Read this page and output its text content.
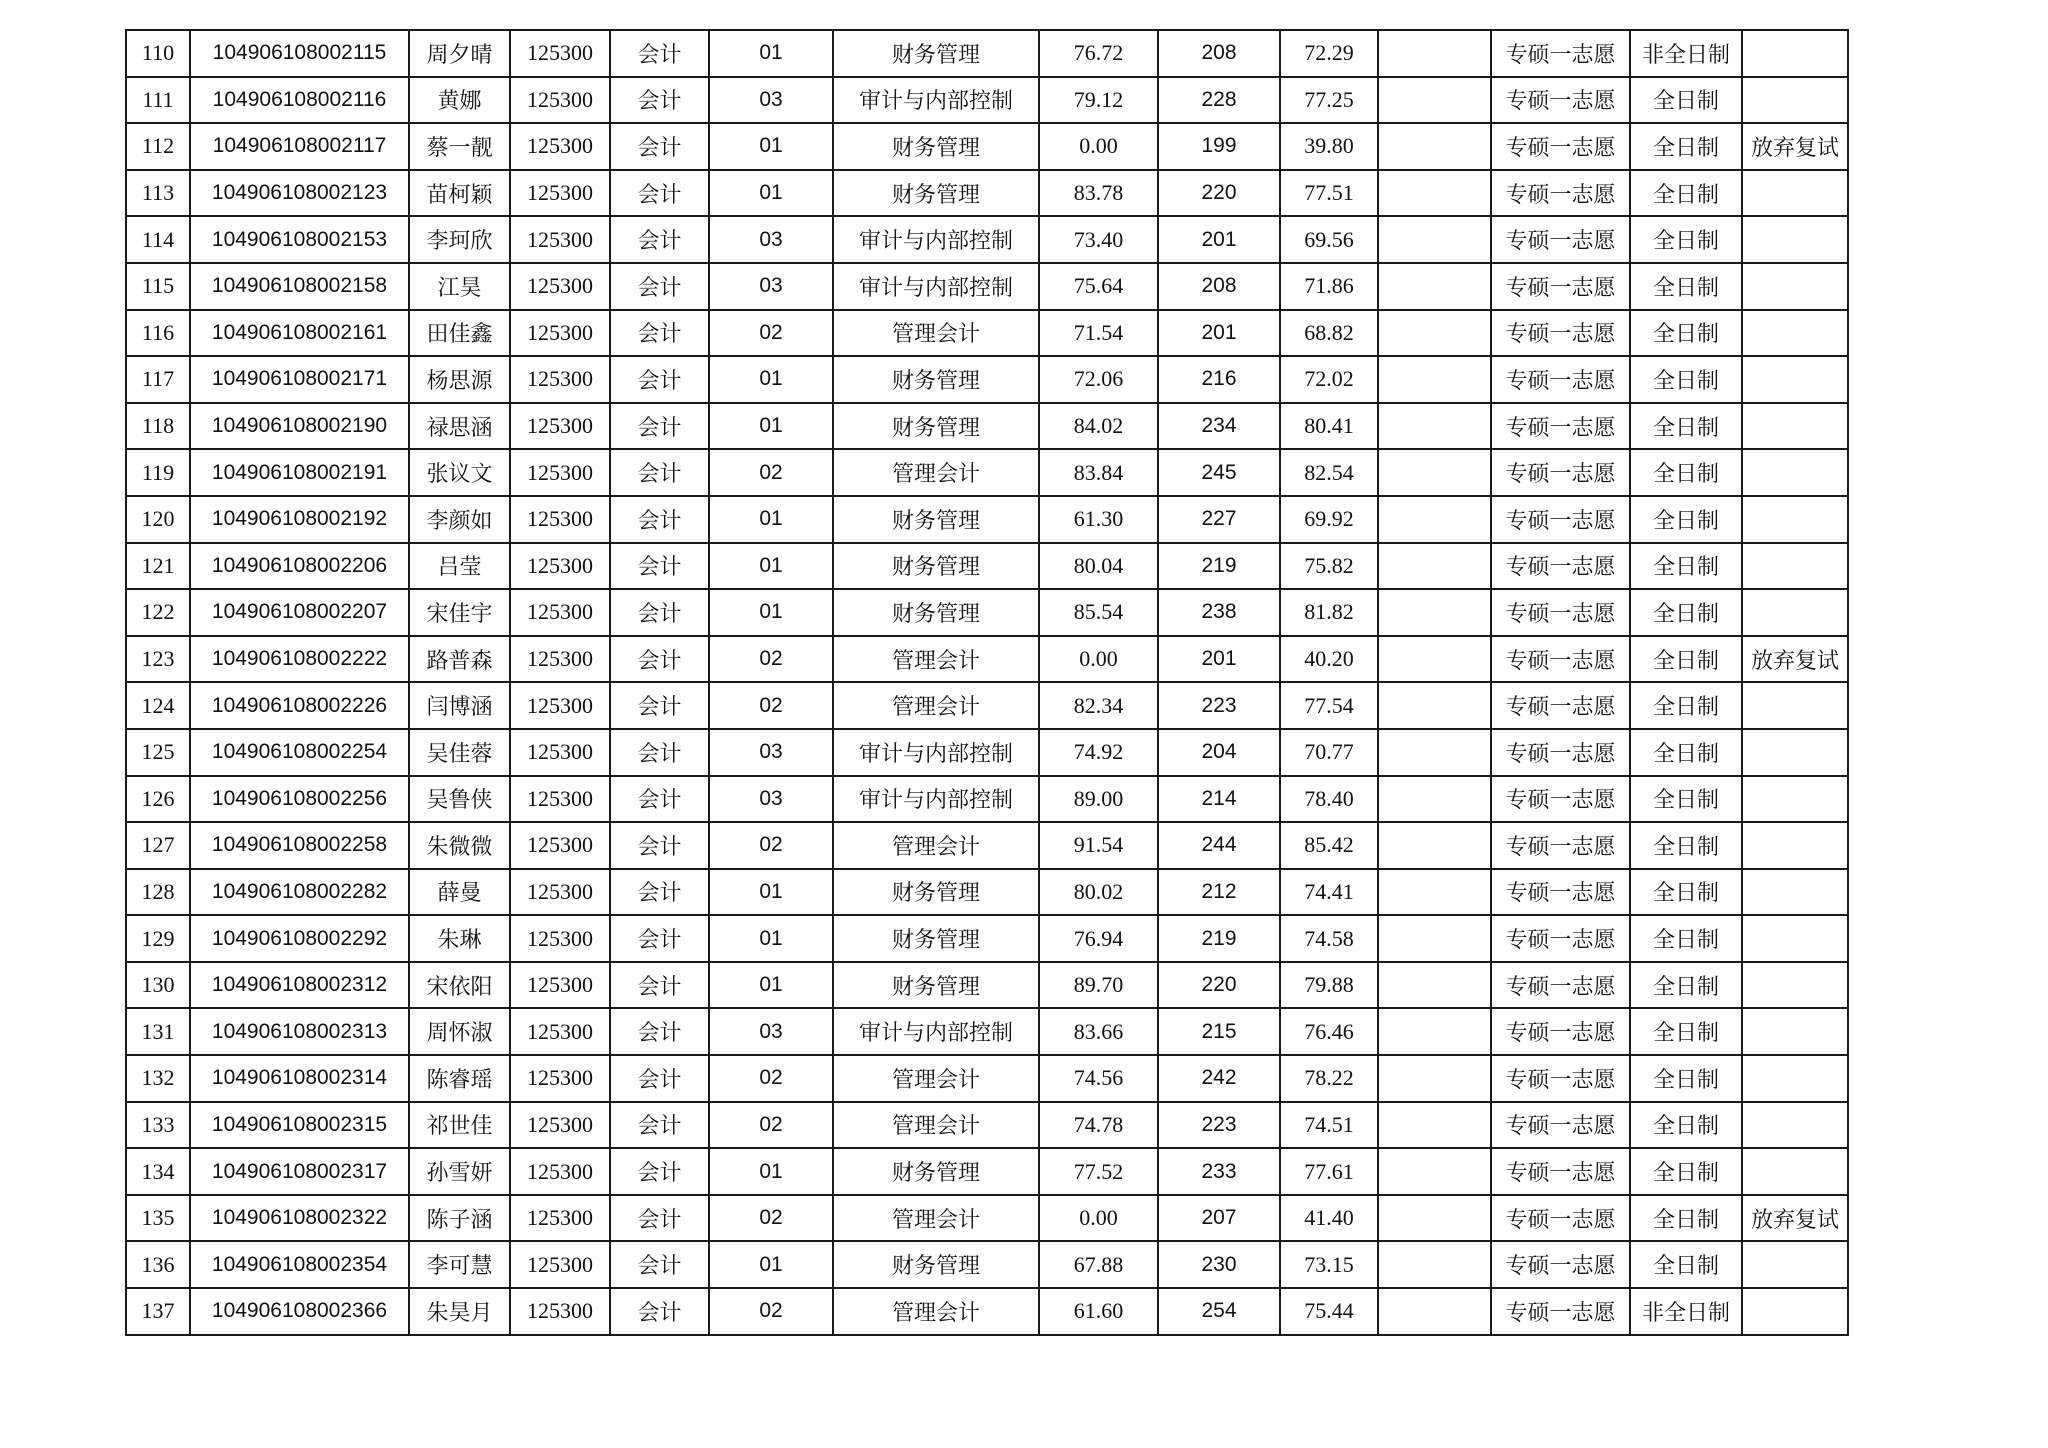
110	104906108002115	周夕晴	125300	会计	01	财务管理	76.72	208	72.29		专硕一志愿	非全日制	
111	104906108002116	黄娜	125300	会计	03	审计与内部控制	79.12	228	77.25		专硕一志愿	全日制	
112	104906108002117	蔡一靓	125300	会计	01	财务管理	0.00	199	39.80		专硕一志愿	全日制	放弃复试
113	104906108002123	苗柯颖	125300	会计	01	财务管理	83.78	220	77.51		专硕一志愿	全日制	
114	104906108002153	李珂欣	125300	会计	03	审计与内部控制	73.40	201	69.56		专硕一志愿	全日制	
115	104906108002158	江昊	125300	会计	03	审计与内部控制	75.64	208	71.86		专硕一志愿	全日制	
116	104906108002161	田佳鑫	125300	会计	02	管理会计	71.54	201	68.82		专硕一志愿	全日制	
117	104906108002171	杨思源	125300	会计	01	财务管理	72.06	216	72.02		专硕一志愿	全日制	
118	104906108002190	禄思涵	125300	会计	01	财务管理	84.02	234	80.41		专硕一志愿	全日制	
119	104906108002191	张议文	125300	会计	02	管理会计	83.84	245	82.54		专硕一志愿	全日制	
120	104906108002192	李颜如	125300	会计	01	财务管理	61.30	227	69.92		专硕一志愿	全日制	
121	104906108002206	吕莹	125300	会计	01	财务管理	80.04	219	75.82		专硕一志愿	全日制	
122	104906108002207	宋佳宇	125300	会计	01	财务管理	85.54	238	81.82		专硕一志愿	全日制	
123	104906108002222	路普森	125300	会计	02	管理会计	0.00	201	40.20		专硕一志愿	全日制	放弃复试
124	104906108002226	闫博涵	125300	会计	02	管理会计	82.34	223	77.54		专硕一志愿	全日制	
125	104906108002254	吴佳蓉	125300	会计	03	审计与内部控制	74.92	204	70.77		专硕一志愿	全日制	
126	104906108002256	吴鲁侠	125300	会计	03	审计与内部控制	89.00	214	78.40		专硕一志愿	全日制	
127	104906108002258	朱微微	125300	会计	02	管理会计	91.54	244	85.42		专硕一志愿	全日制	
128	104906108002282	薛曼	125300	会计	01	财务管理	80.02	212	74.41		专硕一志愿	全日制	
129	104906108002292	朱琳	125300	会计	01	财务管理	76.94	219	74.58		专硕一志愿	全日制	
130	104906108002312	宋依阳	125300	会计	01	财务管理	89.70	220	79.88		专硕一志愿	全日制	
131	104906108002313	周怀淑	125300	会计	03	审计与内部控制	83.66	215	76.46		专硕一志愿	全日制	
132	104906108002314	陈睿瑶	125300	会计	02	管理会计	74.56	242	78.22		专硕一志愿	全日制	
133	104906108002315	祁世佳	125300	会计	02	管理会计	74.78	223	74.51		专硕一志愿	全日制	
134	104906108002317	孙雪妍	125300	会计	01	财务管理	77.52	233	77.61		专硕一志愿	全日制	
135	104906108002322	陈子涵	125300	会计	02	管理会计	0.00	207	41.40		专硕一志愿	全日制	放弃复试
136	104906108002354	李可慧	125300	会计	01	财务管理	67.88	230	73.15		专硕一志愿	全日制	
137	104906108002366	朱昊月	125300	会计	02	管理会计	61.60	254	75.44		专硕一志愿	非全日制	
